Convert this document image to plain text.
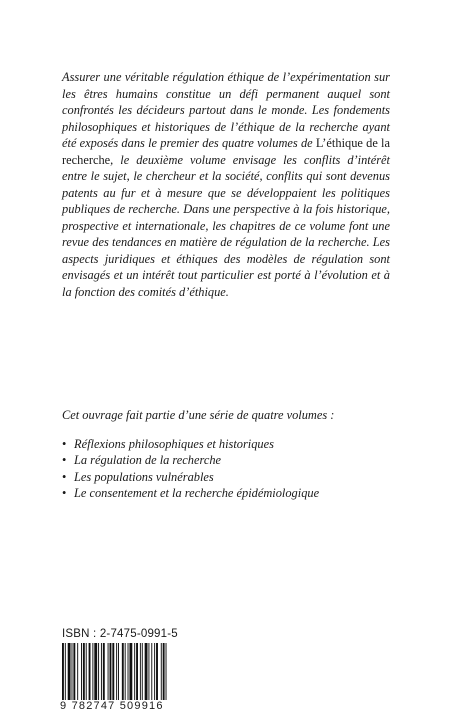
Assurer une véritable régulation éthique de l’expérimentation sur les êtres humains constitue un défi permanent auquel sont confrontés les décideurs partout dans le monde. Les fondements philosophiques et historiques de l’éthique de la recherche ayant été exposés dans le premier des quatre volumes de L’éthique de la recherche, le deuxième volume envisage les conflits d’intérêt entre le sujet, le chercheur et la société, conflits qui sont devenus patents au fur et à mesure que se développaient les politiques publiques de recherche. Dans une perspective à la fois historique, prospective et internationale, les chapitres de ce volume font une revue des tendances en matière de régulation de la recherche. Les aspects juridiques et éthiques des modèles de régulation sont envisagés et un intérêt tout particulier est porté à l’évolution et à la fonction des comités d’éthique.

Cet ouvrage fait partie d’une série de quatre volumes :

• Réflexions philosophiques et historiques
• La régulation de la recherche
• Les populations vulnérables
• Le consentement et la recherche épidémiologique

ISBN : 2-7475-0991-5

9 782747 509916
